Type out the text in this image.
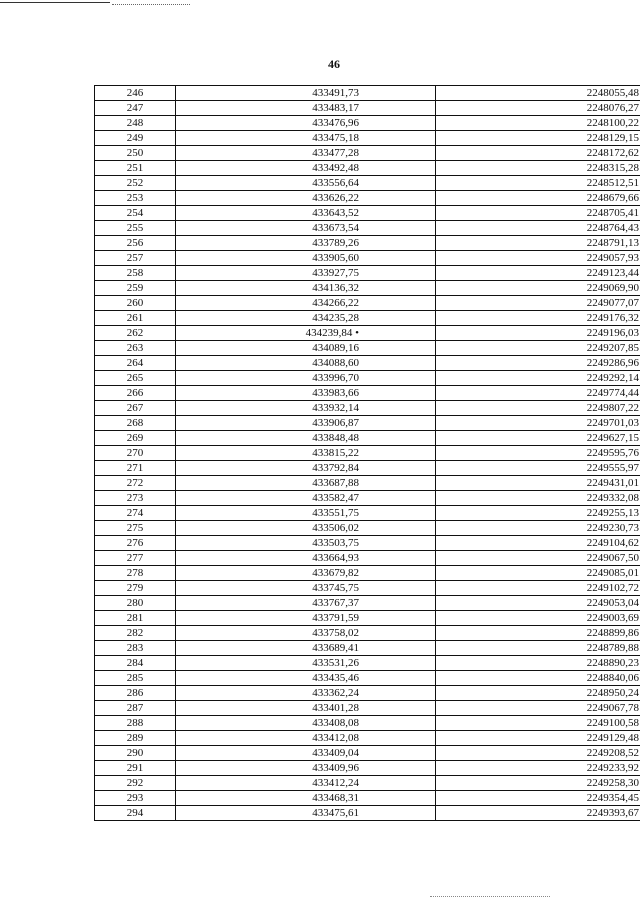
46
246	433491,73	2248055,48
247	433483,17	2248076,27
248	433476,96	2248100,22
249	433475,18	2248129,15
250	433477,28	2248172,62
251	433492,48	2248315,28
252	433556,64	2248512,51
253	433626,22	2248679,66
254	433643,52	2248705,41
255	433673,54	2248764,43
256	433789,26	2248791,13
257	433905,60	2249057,93
258	433927,75	2249123,44
259	434136,32	2249069,90
260	434266,22	2249077,07
261	434235,28	2249176,32
262	434239,84 •	2249196,03
263	434089,16	2249207,85
264	434088,60	2249286,96
265	433996,70	2249292,14
266	433983,66	2249774,44
267	433932,14	2249807,22
268	433906,87	2249701,03
269	433848,48	2249627,15
270	433815,22	2249595,76
271	433792,84	2249555,97
272	433687,88	2249431,01
273	433582,47	2249332,08
274	433551,75	2249255,13
275	433506,02	2249230,73
276	433503,75	2249104,62
277	433664,93	2249067,50
278	433679,82	2249085,01
279	433745,75	2249102,72
280	433767,37	2249053,04
281	433791,59	2249003,69
282	433758,02	2248899,86
283	433689,41	2248789,88
284	433531,26	2248890,23
285	433435,46	2248840,06
286	433362,24	2248950,24
287	433401,28	2249067,78
288	433408,08	2249100,58
289	433412,08	2249129,48
290	433409,04	2249208,52
291	433409,96	2249233,92
292	433412,24	2249258,30
293	433468,31	2249354,45
294	433475,61	2249393,67
